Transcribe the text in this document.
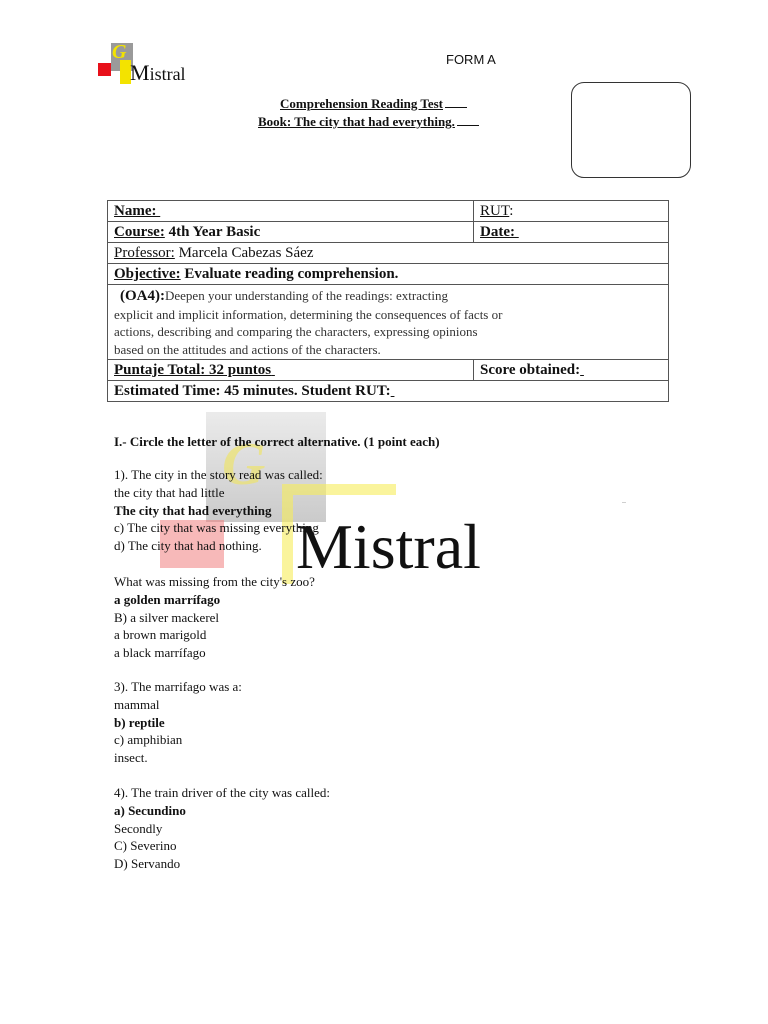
G
Mistral
FORM A
Comprehension Reading Test
Book: The city that had everything.
Name:	RUT:
Course: 4th Year Basic	Date:
Professor: Marcela Cabezas Sáez	
Objective: Evaluate reading comprehension.	
(OA4):Deepen your understanding of the readings: extracting
explicit and implicit information, determining the consequences of facts or
actions, describing and comparing the characters, expressing opinions
based on the attitudes and actions of the characters.	
Puntaje Total: 32 puntos	Score obtained:
Estimated Time: 45 minutes. Student RUT:	
G
I.- Circle the letter of the correct alternative. (1 point each)
1). The city in the story read was called:
the city that had little
The city that had everything
c) The city that was missing everything
d) The city that had nothing.
What was missing from the city's zoo?
a golden marrífago
B) a silver mackerel
a brown marigold
a black marrífago
3). The marrifago was a:
mammal
b) reptile
c) amphibian
insect.
4). The train driver of the city was called:
a) Secundino
Secondly
C) Severino
D) Servando
Mistral
